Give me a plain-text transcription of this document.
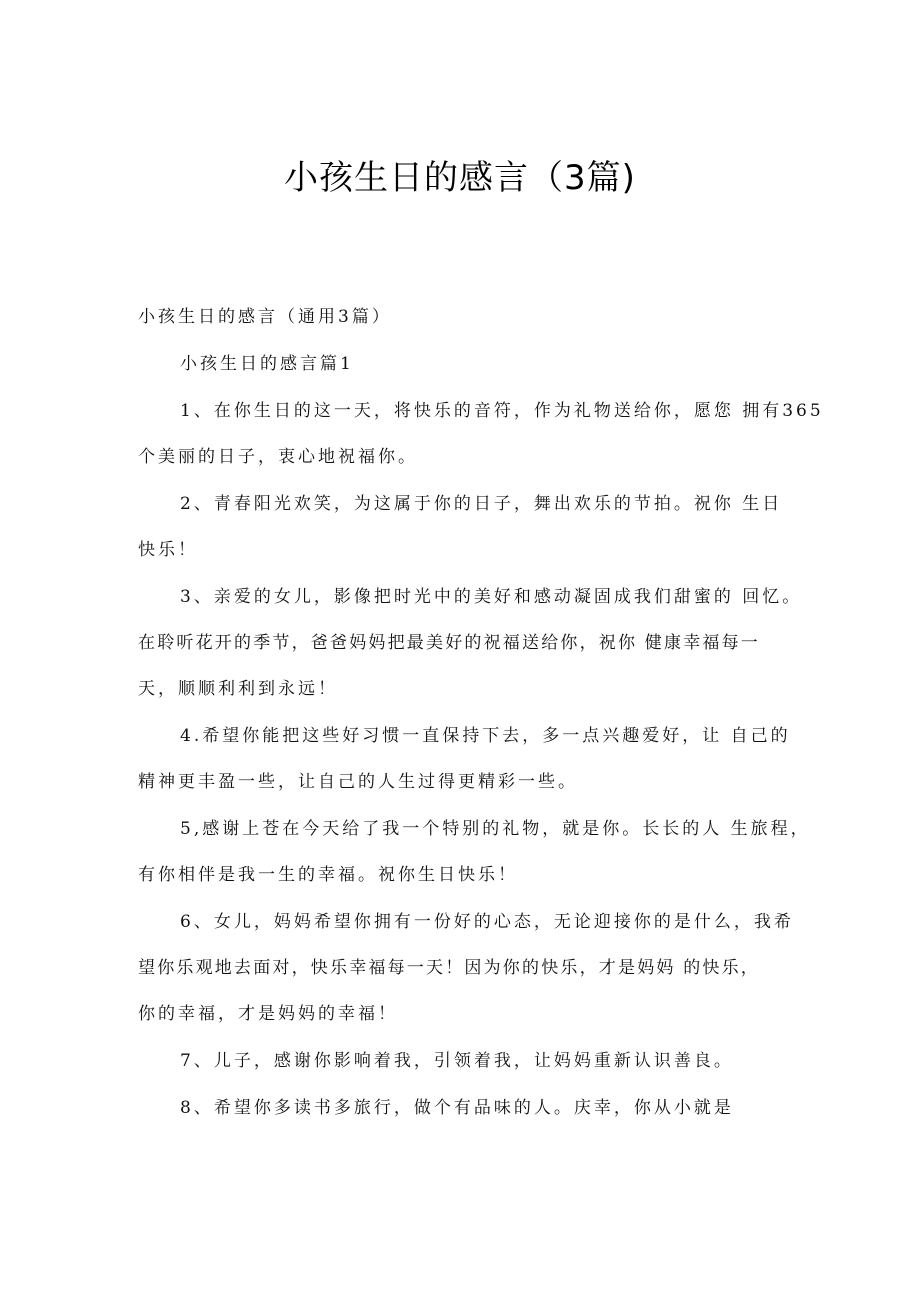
小孩生日的感言（3篇)

小孩生日的感言（通用3篇）

小孩生日的感言篇1

1、在你生日的这一天，将快乐的音符，作为礼物送给你，愿您 拥有365

个美丽的日子，衷心地祝福你。

2、青春阳光欢笑，为这属于你的日子，舞出欢乐的节拍。祝你 生日

快乐！

3、亲爱的女儿，影像把时光中的美好和感动凝固成我们甜蜜的 回忆。

在聆听花开的季节，爸爸妈妈把最美好的祝福送给你，祝你 健康幸福每一

天，顺顺利利到永远！

4.希望你能把这些好习惯一直保持下去，多一点兴趣爱好，让 自己的

精神更丰盈一些，让自己的人生过得更精彩一些。

5,感谢上苍在今天给了我一个特别的礼物，就是你。长长的人 生旅程，

有你相伴是我一生的幸福。祝你生日快乐！

6、女儿，妈妈希望你拥有一份好的心态，无论迎接你的是什么，我希

望你乐观地去面对，快乐幸福每一天！因为你的快乐，才是妈妈 的快乐，

你的幸福，才是妈妈的幸福！

7、儿子，感谢你影响着我，引领着我，让妈妈重新认识善良。

8、希望你多读书多旅行，做个有品味的人。庆幸，你从小就是
